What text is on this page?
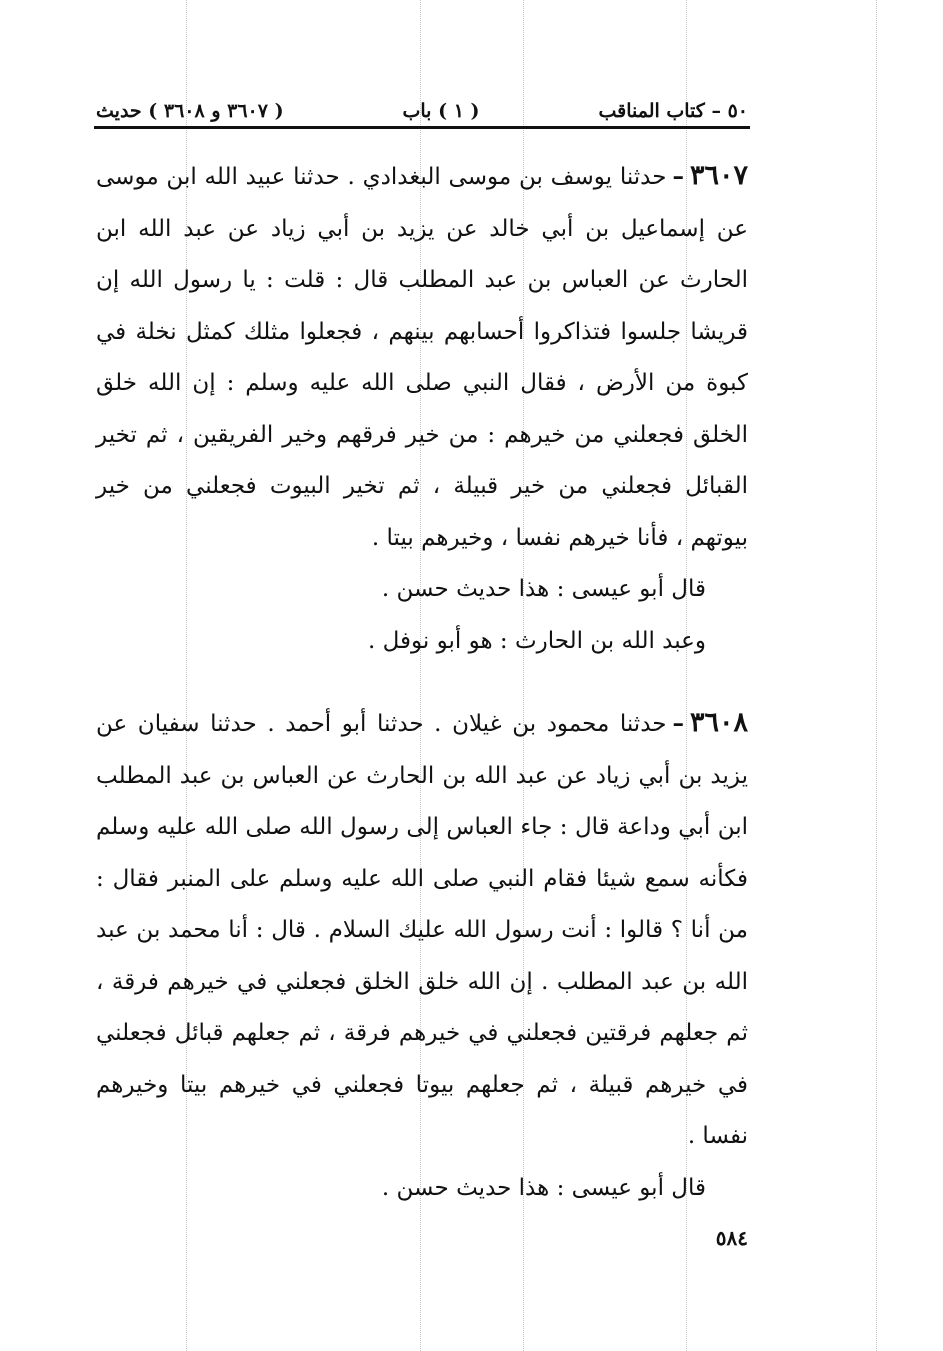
٥٠ – كتاب المناقب
( ١ ) باب
( ٣٦٠٧ و ٣٦٠٨ ) حديث

٣٦٠٧–حدثنا يوسف بن موسى البغدادي . حدثنا عبيد الله ابن موسى عن إسماعيل بن أبي خالد عن يزيد بن أبي زياد عن عبد الله ابن الحارث عن العباس بن عبد المطلب قال : قلت : يا رسول الله إن قريشا جلسوا فتذاكروا أحسابهم بينهم ، فجعلوا مثلك كمثل نخلة في كبوة من الأرض ، فقال النبي صلى الله عليه وسلم : إن الله خلق الخلق فجعلني من خيرهم : من خير فرقهم وخير الفريقين ، ثم تخير القبائل فجعلني من خير قبيلة ، ثم تخير البيوت فجعلني من خير بيوتهم ، فأنا خيرهم نفسا ، وخيرهم بيتا .

قال أبو عيسى : هذا حديث حسن .

وعبد الله بن الحارث : هو أبو نوفل .

٣٦٠٨–حدثنا محمود بن غيلان . حدثنا أبو أحمد . حدثنا سفيان عن يزيد بن أبي زياد عن عبد الله بن الحارث عن العباس بن عبد المطلب ابن أبي وداعة قال : جاء العباس إلى رسول الله صلى الله عليه وسلم فكأنه سمع شيئا فقام النبي صلى الله عليه وسلم على المنبر فقال : من أنا ؟ قالوا : أنت رسول الله عليك السلام . قال : أنا محمد بن عبد الله بن عبد المطلب . إن الله خلق الخلق فجعلني في خيرهم فرقة ، ثم جعلهم فرقتين فجعلني في خيرهم فرقة ، ثم جعلهم قبائل فجعلني في خيرهم قبيلة ، ثم جعلهم بيوتا فجعلني في خيرهم بيتا وخيرهم نفسا .

قال أبو عيسى : هذا حديث حسن .

٥٨٤
